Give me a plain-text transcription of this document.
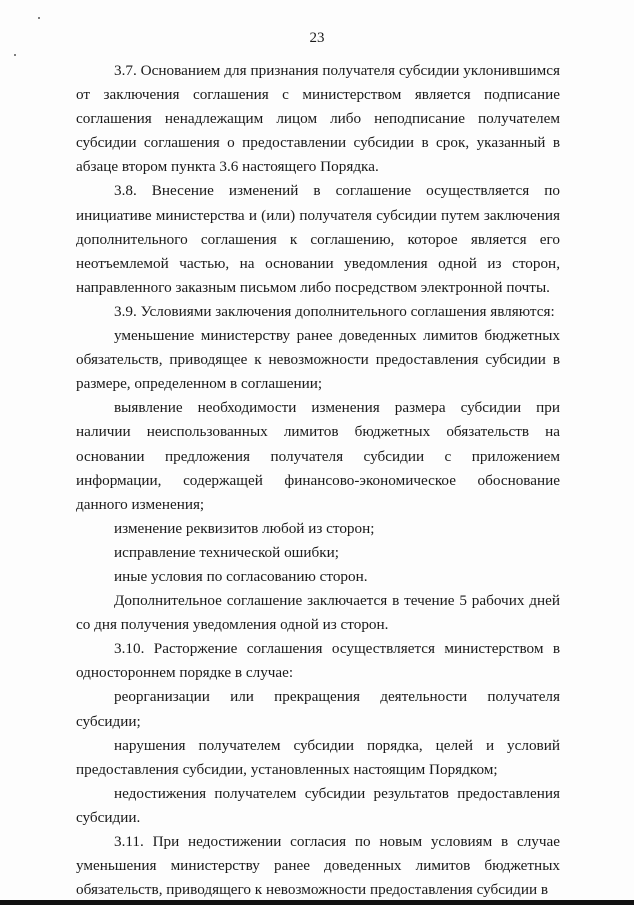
23

3.7. Основанием для признания получателя субсидии уклонившимся от заключения соглашения с министерством является подписание соглашения ненадлежащим лицом либо неподписание получателем субсидии соглашения о предоставлении субсидии в срок, указанный в абзаце втором пункта 3.6 настоящего Порядка.

3.8. Внесение изменений в соглашение осуществляется по инициативе министерства и (или) получателя субсидии путем заключения дополнительного соглашения к соглашению, которое является его неотъемлемой частью, на основании уведомления одной из сторон, направленного заказным письмом либо посредством электронной почты.

3.9. Условиями заключения дополнительного соглашения являются:

уменьшение министерству ранее доведенных лимитов бюджетных обязательств, приводящее к невозможности предоставления субсидии в размере, определенном в соглашении;

выявление необходимости изменения размера субсидии при наличии неиспользованных лимитов бюджетных обязательств на основании предложения получателя субсидии с приложением информации, содержащей финансово-экономическое обоснование данного изменения;

изменение реквизитов любой из сторон;

исправление технической ошибки;

иные условия по согласованию сторон.

Дополнительное соглашение заключается в течение 5 рабочих дней со дня получения уведомления одной из сторон.

3.10. Расторжение соглашения осуществляется министерством в одностороннем порядке в случае:

реорганизации или прекращения деятельности получателя субсидии;

нарушения получателем субсидии порядка, целей и условий предоставления субсидии, установленных настоящим Порядком;

недостижения получателем субсидии результатов предоставления субсидии.

3.11. При недостижении согласия по новым условиям в случае уменьшения министерству ранее доведенных лимитов бюджетных обязательств, приводящего к невозможности предоставления субсидии в
